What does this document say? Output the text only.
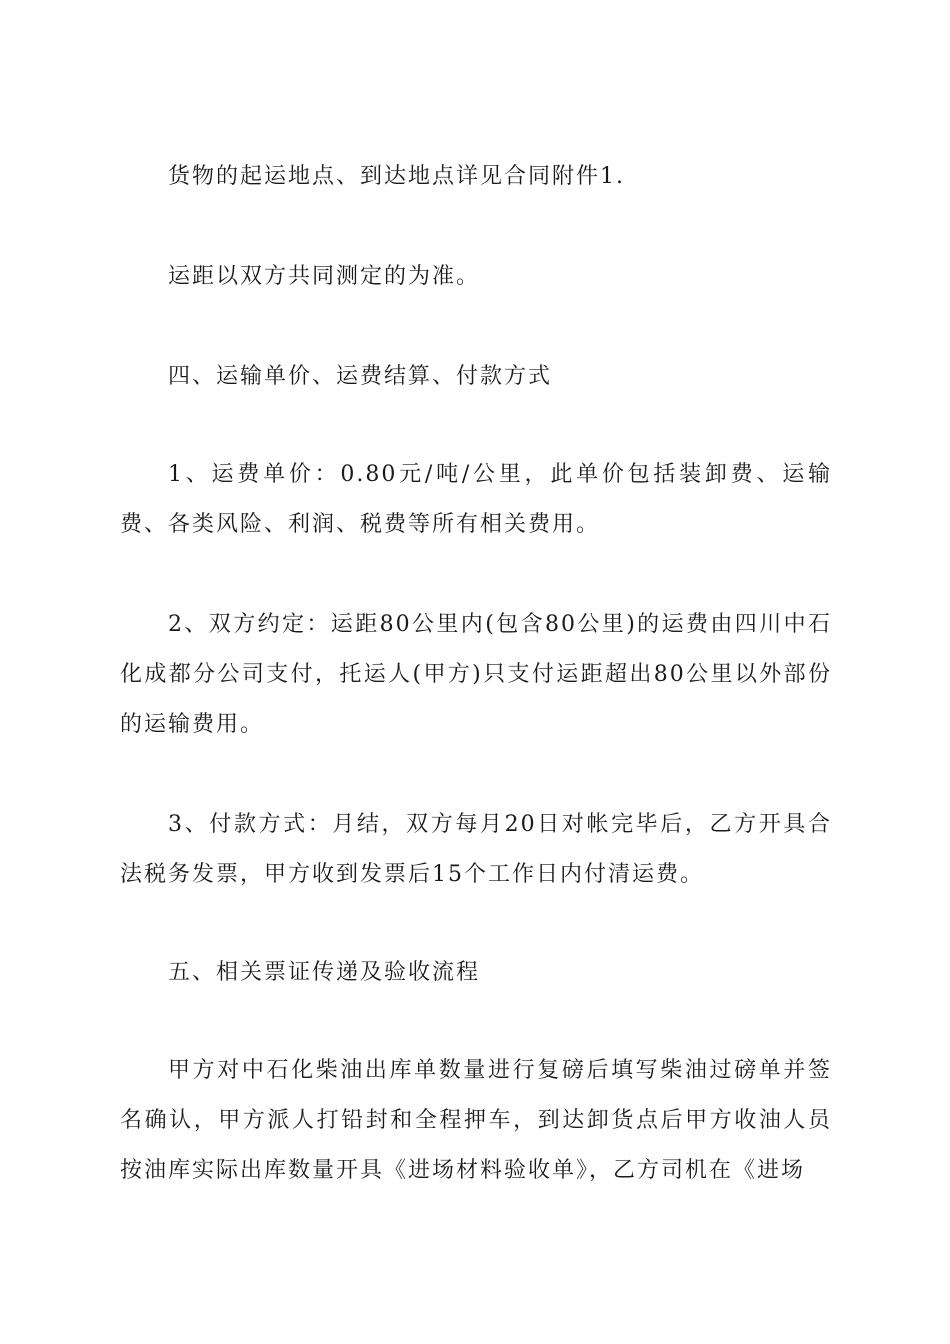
货物的起运地点、到达地点详见合同附件1.

运距以双方共同测定的为准。

四、运输单价、运费结算、付款方式

1、运费单价：0.80元/吨/公里，此单价包括装卸费、运输费、各类风险、利润、税费等所有相关费用。

2、双方约定：运距80公里内(包含80公里)的运费由四川中石化成都分公司支付，托运人(甲方)只支付运距超出80公里以外部份的运输费用。

3、付款方式：月结，双方每月20日对帐完毕后，乙方开具合法税务发票，甲方收到发票后15个工作日内付清运费。

五、相关票证传递及验收流程

甲方对中石化柴油出库单数量进行复磅后填写柴油过磅单并签名确认，甲方派人打铅封和全程押车，到达卸货点后甲方收油人员按油库实际出库数量开具《进场材料验收单》，乙方司机在《进场
